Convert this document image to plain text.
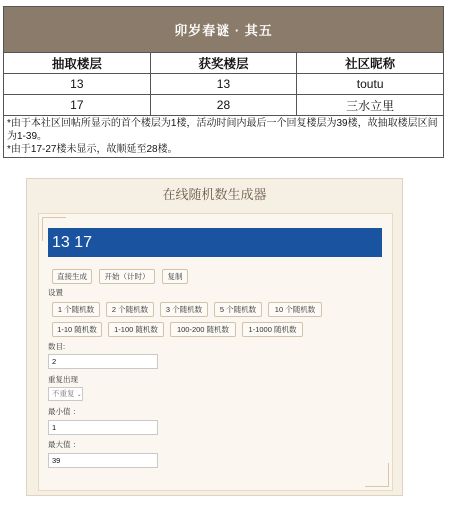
卯岁春谜 · 其五		
抽取楼层	获奖楼层	社区昵称
13	13	toutu
17	28	三水立里

*由于本社区回帖所显示的首个楼层为1楼，活动时间内最后一个回复楼层为39楼，故抽取楼层区间为1-39。
*由于17-27楼未显示，故顺延至28楼。		
在线随机数生成器
13 17
直接生成	开始（计时）	复制
设置
1 个随机数	2 个随机数	3 个随机数	5 个随机数	10 个随机数
1-10 随机数	1-100 随机数	100-200 随机数	1-1000 随机数
数目:
2
重复出现
不重复 ⌄
最小值 ：
1
最大值 ：
39
